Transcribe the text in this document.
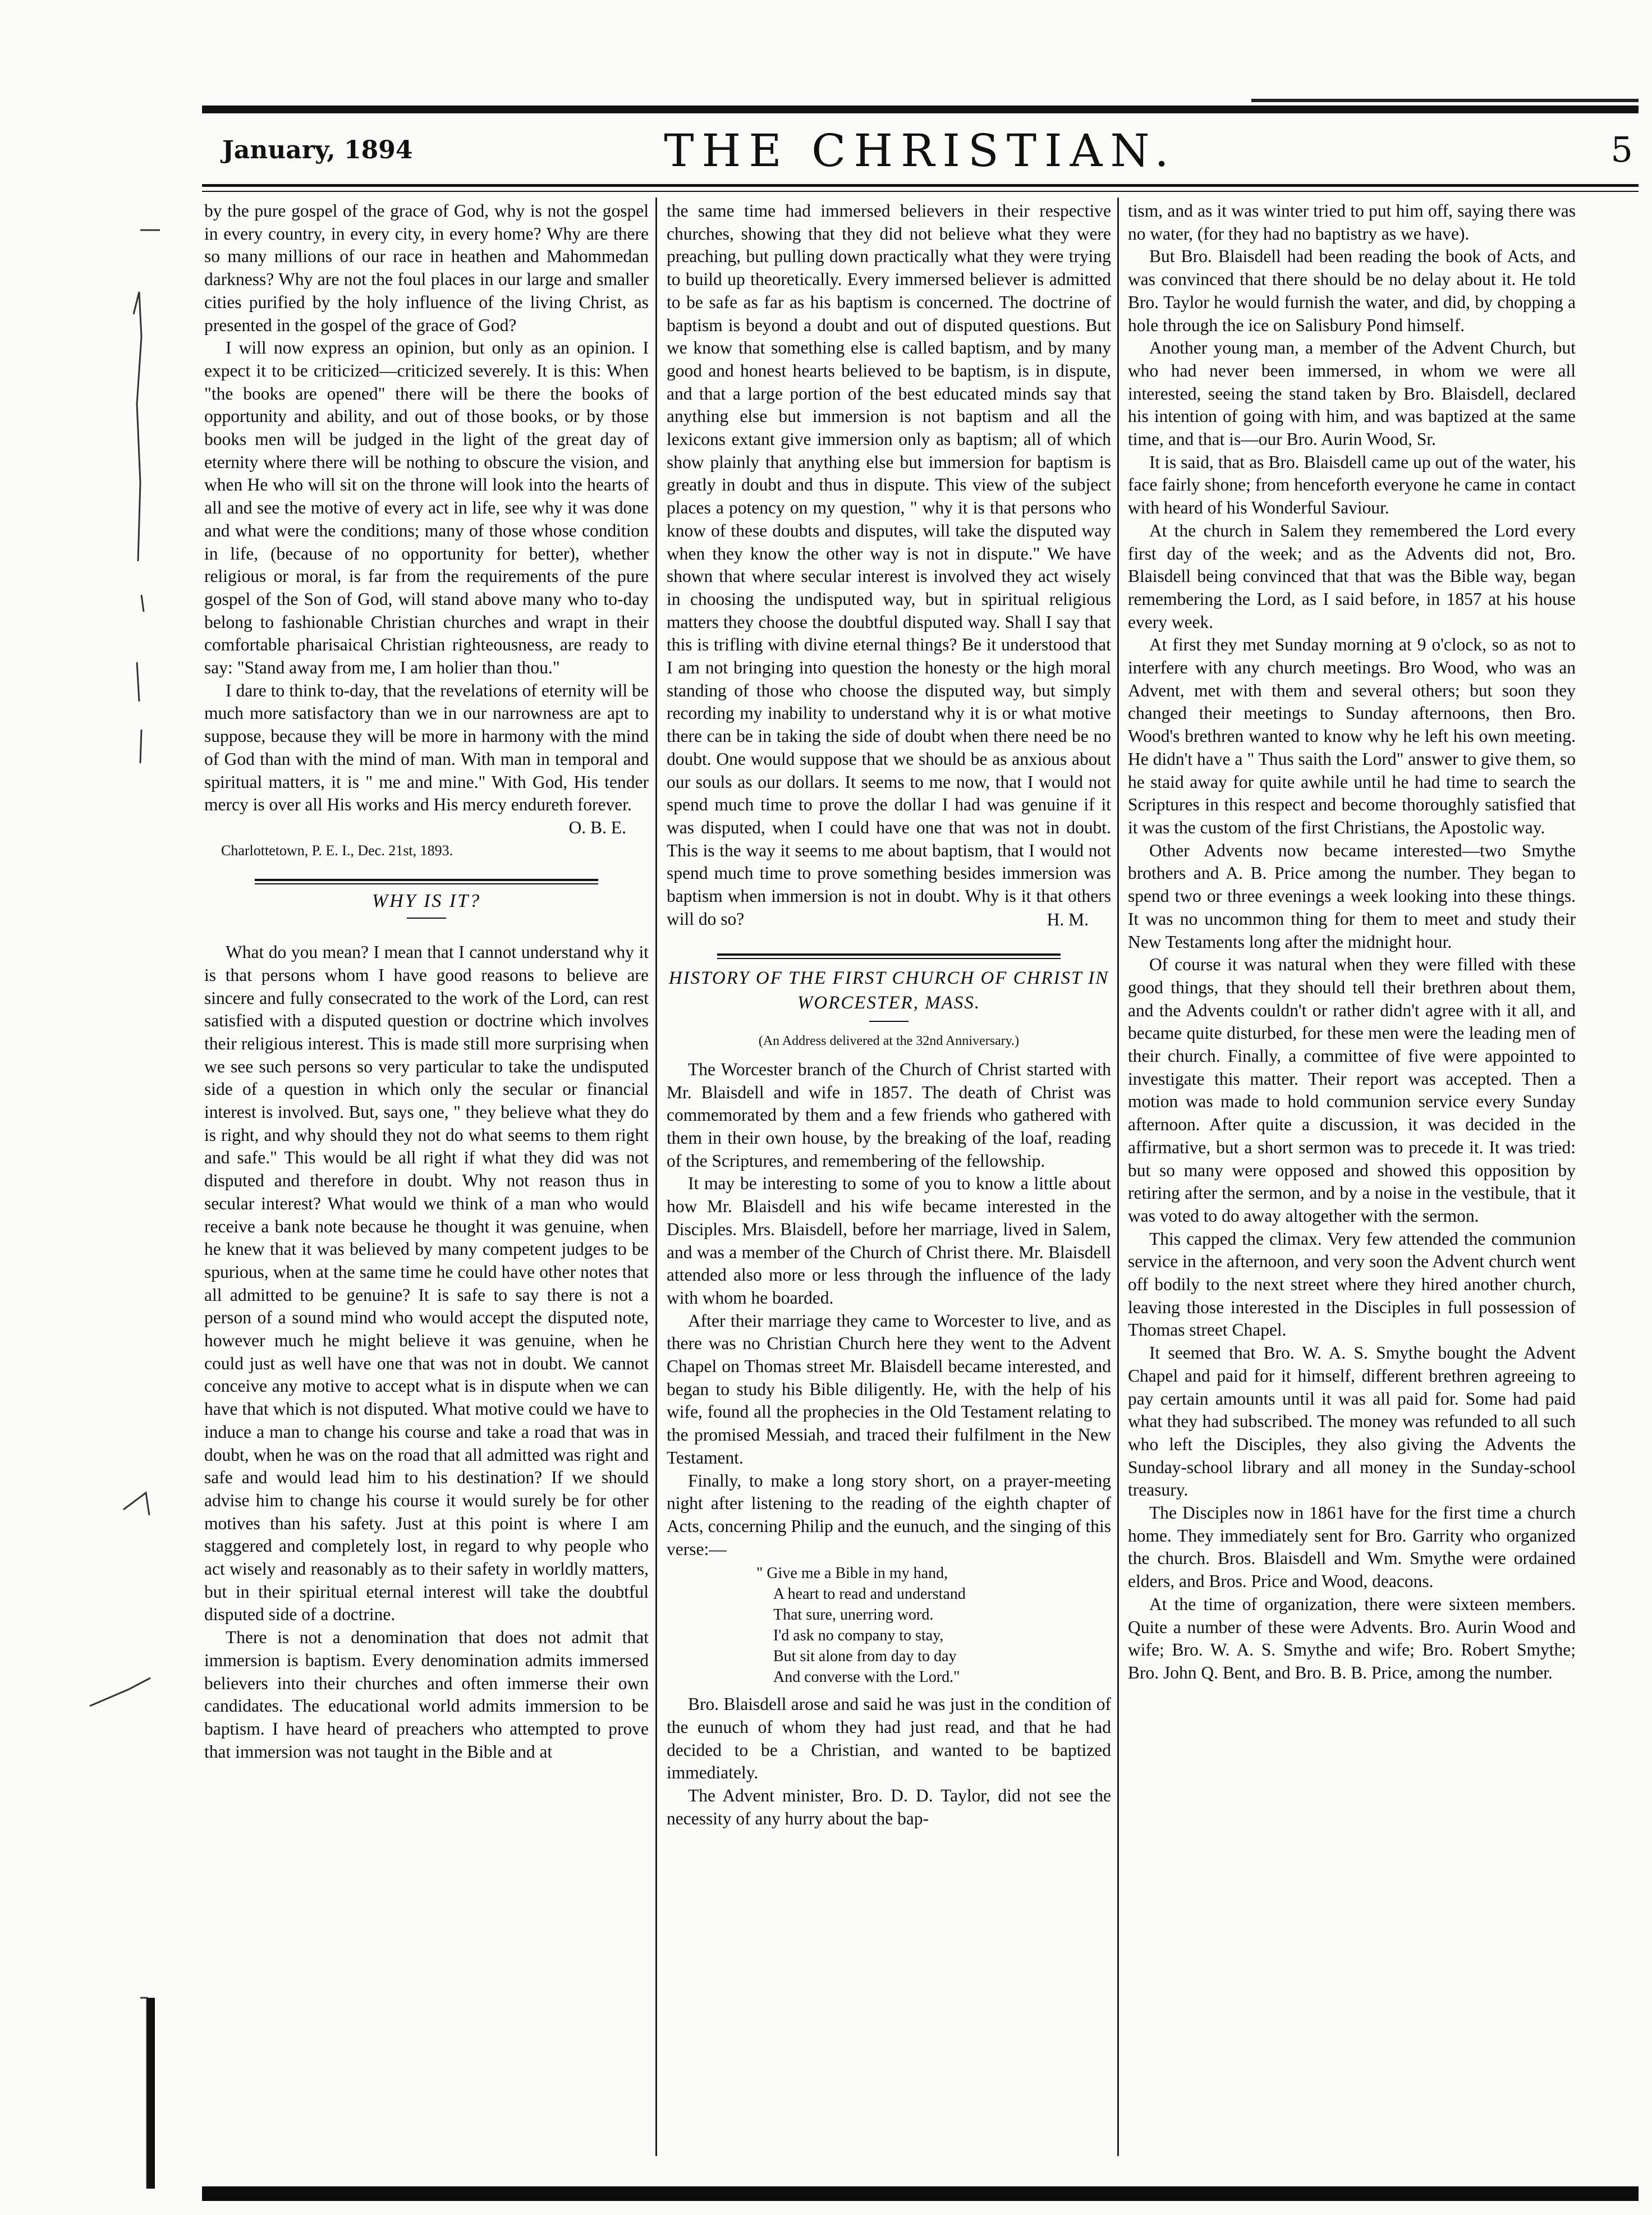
January, 1894	THE CHRISTIAN.	5

by the pure gospel of the grace of God, why is not the gospel in every country, in every city, in every home? Why are there so many millions of our race in heathen and Mahommedan darkness? Why are not the foul places in our large and smaller cities purified by the holy influence of the living Christ, as presented in the gospel of the grace of God?

I will now express an opinion, but only as an opinion. I expect it to be criticized—criticized severely. It is this: When "the books are opened" there will be there the books of opportunity and ability, and out of those books, or by those books men will be judged in the light of the great day of eternity where there will be nothing to obscure the vision, and when He who will sit on the throne will look into the hearts of all and see the motive of every act in life, see why it was done and what were the conditions; many of those whose condition in life, (because of no opportunity for better), whether religious or moral, is far from the requirements of the pure gospel of the Son of God, will stand above many who to-day belong to fashionable Christian churches and wrapt in their comfortable pharisaical Christian righteousness, are ready to say: "Stand away from me, I am holier than thou."

I dare to think to-day, that the revelations of eternity will be much more satisfactory than we in our narrowness are apt to suppose, because they will be more in harmony with the mind of God than with the mind of man. With man in temporal and spiritual matters, it is " me and mine." With God, His tender mercy is over all His works and His mercy endureth forever.

O. B. E.

Charlottetown, P. E. I., Dec. 21st, 1893.

WHY IS IT?

What do you mean? I mean that I cannot understand why it is that persons whom I have good reasons to believe are sincere and fully consecrated to the work of the Lord, can rest satisfied with a disputed question or doctrine which involves their religious interest. This is made still more surprising when we see such persons so very particular to take the undisputed side of a question in which only the secular or financial interest is involved. But, says one, " they believe what they do is right, and why should they not do what seems to them right and safe." This would be all right if what they did was not disputed and therefore in doubt. Why not reason thus in secular interest? What would we think of a man who would receive a bank note because he thought it was genuine, when he knew that it was believed by many competent judges to be spurious, when at the same time he could have other notes that all admitted to be genuine? It is safe to say there is not a person of a sound mind who would accept the disputed note, however much he might believe it was genuine, when he could just as well have one that was not in doubt. We cannot conceive any motive to accept what is in dispute when we can have that which is not disputed. What motive could we have to induce a man to change his course and take a road that was in doubt, when he was on the road that all admitted was right and safe and would lead him to his destination? If we should advise him to change his course it would surely be for other motives than his safety. Just at this point is where I am staggered and completely lost, in regard to why people who act wisely and reasonably as to their safety in worldly matters, but in their spiritual eternal interest will take the doubtful disputed side of a doctrine.

There is not a denomination that does not admit that immersion is baptism. Every denomination admits immersed believers into their churches and often immerse their own candidates. The educational world admits immersion to be baptism. I have heard of preachers who attempted to prove that immersion was not taught in the Bible and at

the same time had immersed believers in their respective churches, showing that they did not believe what they were preaching, but pulling down practically what they were trying to build up theoretically. Every immersed believer is admitted to be safe as far as his baptism is concerned. The doctrine of baptism is beyond a doubt and out of disputed questions. But we know that something else is called baptism, and by many good and honest hearts believed to be baptism, is in dispute, and that a large portion of the best educated minds say that anything else but immersion is not baptism and all the lexicons extant give immersion only as baptism; all of which show plainly that anything else but immersion for baptism is greatly in doubt and thus in dispute. This view of the subject places a potency on my question, " why it is that persons who know of these doubts and disputes, will take the disputed way when they know the other way is not in dispute." We have shown that where secular interest is involved they act wisely in choosing the undisputed way, but in spiritual religious matters they choose the doubtful disputed way. Shall I say that this is trifling with divine eternal things? Be it understood that I am not bringing into question the honesty or the high moral standing of those who choose the disputed way, but simply recording my inability to understand why it is or what motive there can be in taking the side of doubt when there need be no doubt. One would suppose that we should be as anxious about our souls as our dollars. It seems to me now, that I would not spend much time to prove the dollar I had was genuine if it was disputed, when I could have one that was not in doubt. This is the way it seems to me about baptism, that I would not spend much time to prove something besides immersion was baptism when immersion is not in doubt. Why is it that others will do so?	H. M.

HISTORY OF THE FIRST CHURCH OF CHRIST IN WORCESTER, MASS.
(An Address delivered at the 32nd Anniversary.)

The Worcester branch of the Church of Christ started with Mr. Blaisdell and wife in 1857. The death of Christ was commemorated by them and a few friends who gathered with them in their own house, by the breaking of the loaf, reading of the Scriptures, and remembering of the fellowship.

It may be interesting to some of you to know a little about how Mr. Blaisdell and his wife became interested in the Disciples. Mrs. Blaisdell, before her marriage, lived in Salem, and was a member of the Church of Christ there. Mr. Blaisdell attended also more or less through the influence of the lady with whom he boarded.

After their marriage they came to Worcester to live, and as there was no Christian Church here they went to the Advent Chapel on Thomas street Mr. Blaisdell became interested, and began to study his Bible diligently. He, with the help of his wife, found all the prophecies in the Old Testament relating to the promised Messiah, and traced their fulfilment in the New Testament.

Finally, to make a long story short, on a prayer-meeting night after listening to the reading of the eighth chapter of Acts, concerning Philip and the eunuch, and the singing of this verse:—

" Give me a Bible in my hand,
A heart to read and understand
That sure, unerring word.
I'd ask no company to stay,
But sit alone from day to day
And converse with the Lord."

Bro. Blaisdell arose and said he was just in the condition of the eunuch of whom they had just read, and that he had decided to be a Christian, and wanted to be baptized immediately.

The Advent minister, Bro. D. D. Taylor, did not see the necessity of any hurry about the bap-

tism, and as it was winter tried to put him off, saying there was no water, (for they had no baptistry as we have).

But Bro. Blaisdell had been reading the book of Acts, and was convinced that there should be no delay about it. He told Bro. Taylor he would furnish the water, and did, by chopping a hole through the ice on Salisbury Pond himself.

Another young man, a member of the Advent Church, but who had never been immersed, in whom we were all interested, seeing the stand taken by Bro. Blaisdell, declared his intention of going with him, and was baptized at the same time, and that is—our Bro. Aurin Wood, Sr.

It is said, that as Bro. Blaisdell came up out of the water, his face fairly shone; from henceforth everyone he came in contact with heard of his Wonderful Saviour.

At the church in Salem they remembered the Lord every first day of the week; and as the Advents did not, Bro. Blaisdell being convinced that that was the Bible way, began remembering the Lord, as I said before, in 1857 at his house every week.

At first they met Sunday morning at 9 o'clock, so as not to interfere with any church meetings. Bro Wood, who was an Advent, met with them and several others; but soon they changed their meetings to Sunday afternoons, then Bro. Wood's brethren wanted to know why he left his own meeting. He didn't have a " Thus saith the Lord" answer to give them, so he staid away for quite awhile until he had time to search the Scriptures in this respect and become thoroughly satisfied that it was the custom of the first Christians, the Apostolic way.

Other Advents now became interested—two Smythe brothers and A. B. Price among the number. They began to spend two or three evenings a week looking into these things. It was no uncommon thing for them to meet and study their New Testaments long after the midnight hour.

Of course it was natural when they were filled with these good things, that they should tell their brethren about them, and the Advents couldn't or rather didn't agree with it all, and became quite disturbed, for these men were the leading men of their church. Finally, a committee of five were appointed to investigate this matter. Their report was accepted. Then a motion was made to hold communion service every Sunday afternoon. After quite a discussion, it was decided in the affirmative, but a short sermon was to precede it. It was tried: but so many were opposed and showed this opposition by retiring after the sermon, and by a noise in the vestibule, that it was voted to do away altogether with the sermon.

This capped the climax. Very few attended the communion service in the afternoon, and very soon the Advent church went off bodily to the next street where they hired another church, leaving those interested in the Disciples in full possession of Thomas street Chapel.

It seemed that Bro. W. A. S. Smythe bought the Advent Chapel and paid for it himself, different brethren agreeing to pay certain amounts until it was all paid for. Some had paid what they had subscribed. The money was refunded to all such who left the Disciples, they also giving the Advents the Sunday-school library and all money in the Sunday-school treasury.

The Disciples now in 1861 have for the first time a church home. They immediately sent for Bro. Garrity who organized the church. Bros. Blaisdell and Wm. Smythe were ordained elders, and Bros. Price and Wood, deacons.

At the time of organization, there were sixteen members. Quite a number of these were Advents. Bro. Aurin Wood and wife; Bro. W. A. S. Smythe and wife; Bro. Robert Smythe; Bro. John Q. Bent, and Bro. B. B. Price, among the number.
